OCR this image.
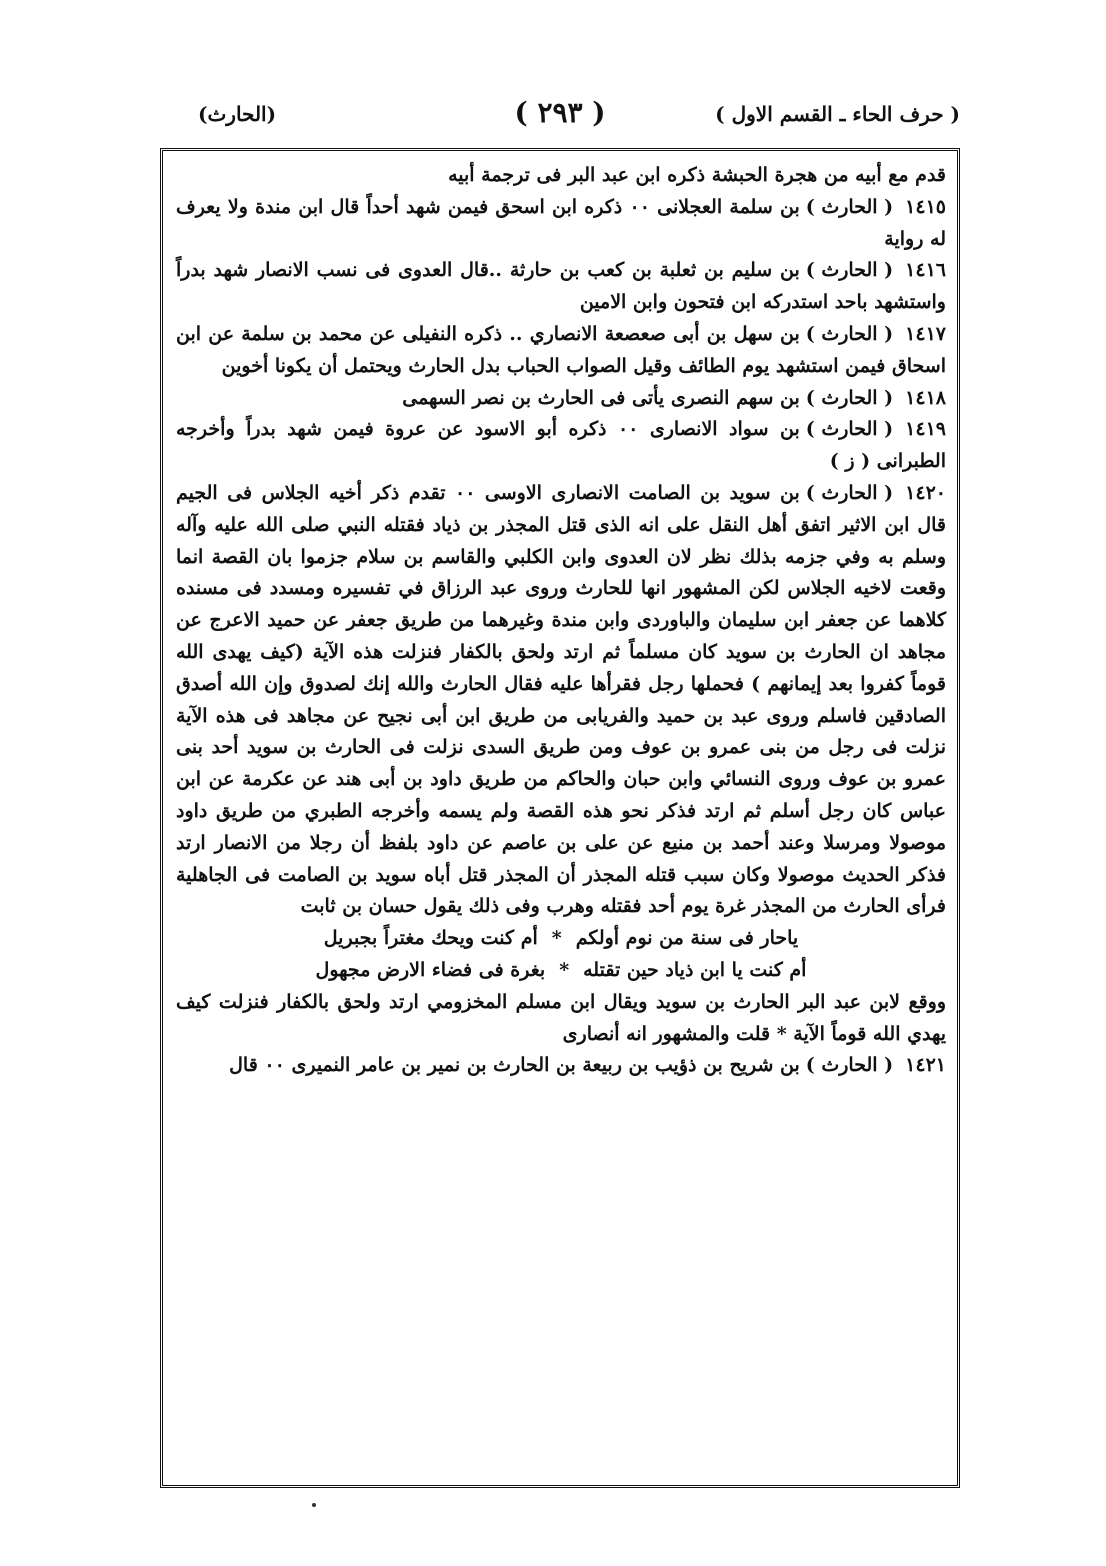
( حرف الحاء ـ القسم الاول )
( ٢٩٣ )
(الحارث)

قدم مع أبيه من هجرة الحبشة ذكره ابن عبد البر فى ترجمة أبيه

١٤١٥( الحارث )بن سلمة العجلانى ٠٠ ذكره ابن اسحق فيمن شهد أحداً قال ابن مندة ولا يعرف له رواية

١٤١٦( الحارث )بن سليم بن ثعلبة بن كعب بن حارثة ..قال العدوى فى نسب الانصار شهد بدراً واستشهد باحد استدركه ابن فتحون وابن الامين

١٤١٧( الحارث )بن سهل بن أبى صعصعة الانصاري .. ذكره النفيلى عن محمد بن سلمة عن ابن اسحاق فيمن استشهد يوم الطائف وقيل الصواب الحباب بدل الحارث ويحتمل أن يكونا أخوين

١٤١٨( الحارث )بن سهم النصرى يأتى فى الحارث بن نصر السهمى

١٤١٩( الحارث )بن سواد الانصارى ٠٠ ذكره أبو الاسود عن عروة فيمن شهد بدراً وأخرجه الطبرانى ( ز )

١٤٢٠( الحارث )بن سويد بن الصامت الانصارى الاوسى ٠٠ تقدم ذكر أخيه الجلاس فى الجيم قال ابن الاثير اتفق أهل النقل على انه الذى قتل المجذر بن ذياد فقتله النبي صلى الله عليه وآله وسلم به وفي جزمه بذلك نظر لان العدوى وابن الكلبي والقاسم بن سلام جزموا بان القصة انما وقعت لاخيه الجلاس لكن المشهور انها للحارث وروى عبد الرزاق في تفسيره ومسدد فى مسنده كلاهما عن جعفر ابن سليمان والباوردى وابن مندة وغيرهما من طريق جعفر عن حميد الاعرج عن مجاهد ان الحارث بن سويد كان مسلماً ثم ارتد ولحق بالكفار فنزلت هذه الآية (كيف يهدى الله قوماً كفروا بعد إيمانهم ) فحملها رجل فقرأها عليه فقال الحارث والله إنك لصدوق وإن الله أصدق الصادقين فاسلم وروى عبد بن حميد والفريابى من طريق ابن أبى نجيح عن مجاهد فى هذه الآية نزلت فى رجل من بنى عمرو بن عوف ومن طريق السدى نزلت فى الحارث بن سويد أحد بنى عمرو بن عوف وروى النسائي وابن حبان والحاكم من طريق داود بن أبى هند عن عكرمة عن ابن عباس كان رجل أسلم ثم ارتد فذكر نحو هذه القصة ولم يسمه وأخرجه الطبري من طريق داود موصولا ومرسلا وعند أحمد بن منيع عن على بن عاصم عن داود بلفظ أن رجلا من الانصار ارتد فذكر الحديث موصولا وكان سبب قتله المجذر أن المجذر قتل أباه سويد بن الصامت فى الجاهلية فرأى الحارث من المجذر غرة يوم أحد فقتله وهرب وفى ذلك يقول حسان بن ثابت

ياحار فى سنة من نوم أولكم*أم كنت ويحك مغتراً بجبريل

أم كنت يا ابن ذياد حين تقتله*بغرة فى فضاء الارض مجهول

ووقع لابن عبد البر الحارث بن سويد ويقال ابن مسلم المخزومي ارتد ولحق بالكفار فنزلت كيف يهدي الله قوماً الآية * قلت والمشهور انه أنصارى

١٤٢١( الحارث )بن شريح بن ذؤيب بن ربيعة بن الحارث بن نمير بن عامر النميرى ٠٠ قال
